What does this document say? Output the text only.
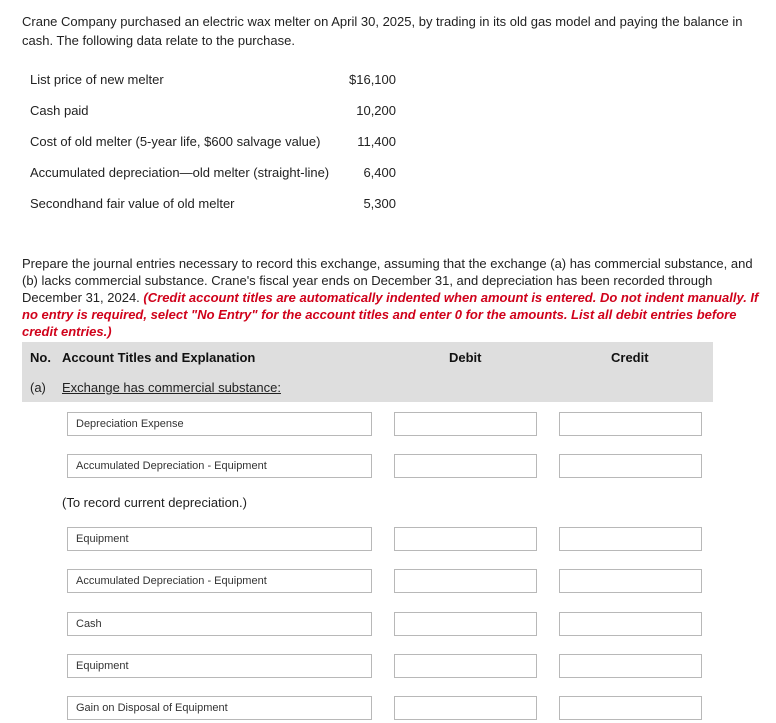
Crane Company purchased an electric wax melter on April 30, 2025, by trading in its old gas model and paying the balance in cash. The following data relate to the purchase.
List price of new melter	$16,100
Cash paid	10,200
Cost of old melter (5-year life, $600 salvage value)	11,400
Accumulated depreciation—old melter (straight-line)	6,400
Secondhand fair value of old melter	5,300
Prepare the journal entries necessary to record this exchange, assuming that the exchange (a) has commercial substance, and (b) lacks commercial substance. Crane's fiscal year ends on December 31, and depreciation has been recorded through December 31, 2024. (Credit account titles are automatically indented when amount is entered. Do not indent manually. If no entry is required, select "No Entry" for the account titles and enter 0 for the amounts. List all debit entries before credit entries.)
No. Account Titles and Explanation	Debit	Credit
(a) Exchange has commercial substance:
Depreciation Expense
Accumulated Depreciation - Equipment
(To record current depreciation.)
Equipment
Accumulated Depreciation - Equipment
Cash
Equipment
Gain on Disposal of Equipment
